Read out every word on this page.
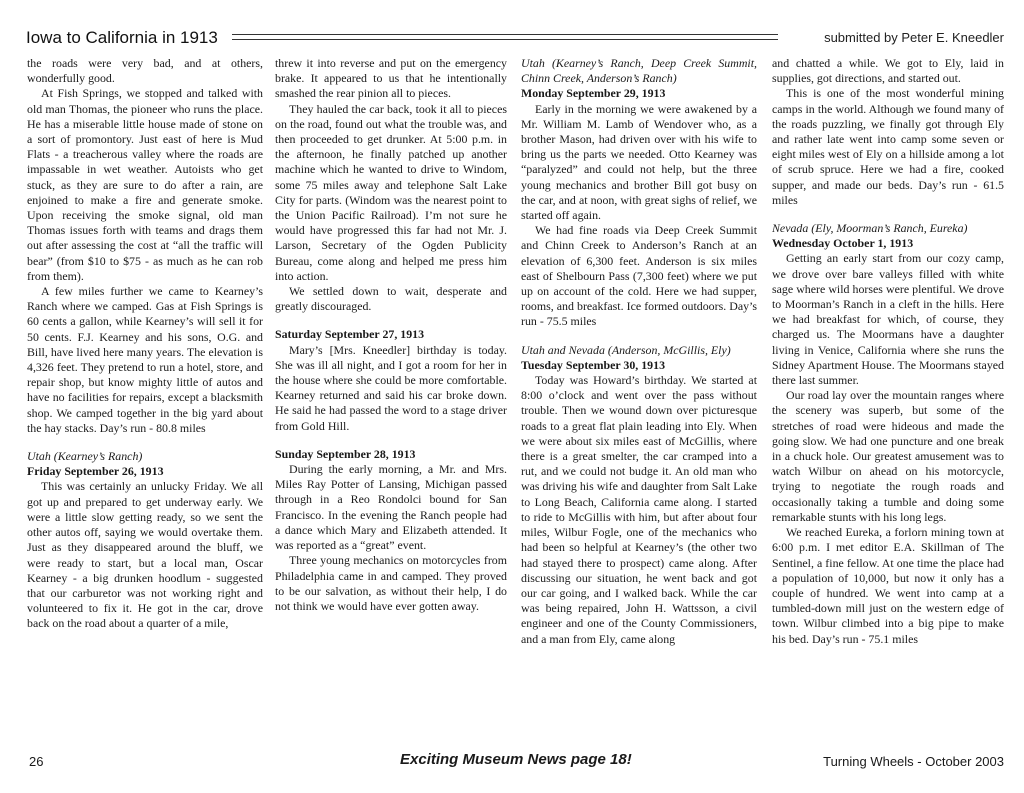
Iowa to California in 1913	submitted by Peter E. Kneedler

the roads were very bad, and at others, wonderfully good.

At Fish Springs, we stopped and talked with old man Thomas, the pioneer who runs the place. He has a miserable little house made of stone on a sort of promontory. Just east of here is Mud Flats - a treacherous valley where the roads are impassable in wet weather. Autoists who get stuck, as they are sure to do after a rain, are enjoined to make a fire and generate smoke. Upon receiving the smoke signal, old man Thomas issues forth with teams and drags them out after assessing the cost at “all the traffic will bear” (from $10 to $75 - as much as he can rob from them).

A few miles further we came to Kearney’s Ranch where we camped. Gas at Fish Springs is 60 cents a gallon, while Kearney’s will sell it for 50 cents. F.J. Kearney and his sons, O.G. and Bill, have lived here many years. The elevation is 4,326 feet. They pretend to run a hotel, store, and repair shop, but know mighty little of autos and have no facilities for repairs, except a blacksmith shop. We camped together in the big yard about the hay stacks. Day’s run - 80.8 miles

Utah (Kearney’s Ranch)

Friday September 26, 1913

This was certainly an unlucky Friday. We all got up and prepared to get underway early. We were a little slow getting ready, so we sent the other autos off, saying we would overtake them. Just as they disappeared around the bluff, we were ready to start, but a local man, Oscar Kearney - a big drunken hoodlum - suggested that our carburetor was not working right and volunteered to fix it. He got in the car, drove back on the road about a quarter of a mile,

threw it into reverse and put on the emergency brake. It appeared to us that he intentionally smashed the rear pinion all to pieces.

They hauled the car back, took it all to pieces on the road, found out what the trouble was, and then proceeded to get drunker. At 5:00 p.m. in the afternoon, he finally patched up another machine which he wanted to drive to Windom, some 75 miles away and telephone Salt Lake City for parts. (Windom was the nearest point to the Union Pacific Railroad). I’m not sure he would have progressed this far had not Mr. J. Larson, Secretary of the Ogden Publicity Bureau, come along and helped me press him into action.

We settled down to wait, desperate and greatly discouraged.

Saturday September 27, 1913

Mary’s [Mrs. Kneedler] birthday is today. She was ill all night, and I got a room for her in the house where she could be more comfortable. Kearney returned and said his car broke down. He said he had passed the word to a stage driver from Gold Hill.

Sunday September 28, 1913

During the early morning, a Mr. and Mrs. Miles Ray Potter of Lansing, Michigan passed through in a Reo Rondolci bound for San Francisco. In the evening the Ranch people had a dance which Mary and Elizabeth attended. It was reported as a “great” event.

Three young mechanics on motorcycles from Philadelphia came in and camped. They proved to be our salvation, as without their help, I do not think we would have ever gotten away.

Utah (Kearney’s Ranch, Deep Creek Summit, Chinn Creek, Anderson’s Ranch)

Monday September 29, 1913

Early in the morning we were awakened by a Mr. William M. Lamb of Wendover who, as a brother Mason, had driven over with his wife to bring us the parts we needed. Otto Kearney was “paralyzed” and could not help, but the three young mechanics and brother Bill got busy on the car, and at noon, with great sighs of relief, we started off again.

We had fine roads via Deep Creek Summit and Chinn Creek to Anderson’s Ranch at an elevation of 6,300 feet. Anderson is six miles east of Shelbourn Pass (7,300 feet) where we put up on account of the cold. Here we had supper, rooms, and breakfast. Ice formed outdoors. Day’s run - 75.5 miles

Utah and Nevada (Anderson, McGillis, Ely)

Tuesday September 30, 1913

Today was Howard’s birthday. We started at 8:00 o’clock and went over the pass without trouble. Then we wound down over picturesque roads to a great flat plain leading into Ely. When we were about six miles east of McGillis, where there is a great smelter, the car cramped into a rut, and we could not budge it. An old man who was driving his wife and daughter from Salt Lake to Long Beach, California came along. I started to ride to McGillis with him, but after about four miles, Wilbur Fogle, one of the mechanics who had been so helpful at Kearney’s (the other two had stayed there to prospect) came along. After discussing our situation, he went back and got our car going, and I walked back. While the car was being repaired, John H. Wattsson, a civil engineer and one of the County Commissioners, and a man from Ely, came along

and chatted a while. We got to Ely, laid in supplies, got directions, and started out.

This is one of the most wonderful mining camps in the world. Although we found many of the roads puzzling, we finally got through Ely and rather late went into camp some seven or eight miles west of Ely on a hillside among a lot of scrub spruce. Here we had a fire, cooked supper, and made our beds. Day’s run - 61.5 miles

Nevada (Ely, Moorman’s Ranch, Eureka)

Wednesday October 1, 1913

Getting an early start from our cozy camp, we drove over bare valleys filled with white sage where wild horses were plentiful. We drove to Moorman’s Ranch in a cleft in the hills. Here we had breakfast for which, of course, they charged us. The Moormans have a daughter living in Venice, California where she runs the Sidney Apartment House. The Moormans stayed there last summer.

Our road lay over the mountain ranges where the scenery was superb, but some of the stretches of road were hideous and made the going slow. We had one puncture and one break in a chuck hole. Our greatest amusement was to watch Wilbur on ahead on his motorcycle, trying to negotiate the rough roads and occasionally taking a tumble and doing some remarkable stunts with his long legs.

We reached Eureka, a forlorn mining town at 6:00 p.m. I met editor E.A. Skillman of The Sentinel, a fine fellow. At one time the place had a population of 10,000, but now it only has a couple of hundred. We went into camp at a tumbled-down mill just on the western edge of town. Wilbur climbed into a big pipe to make his bed. Day’s run - 75.1 miles

26	Exciting Museum News page 18!	Turning Wheels - October 2003
